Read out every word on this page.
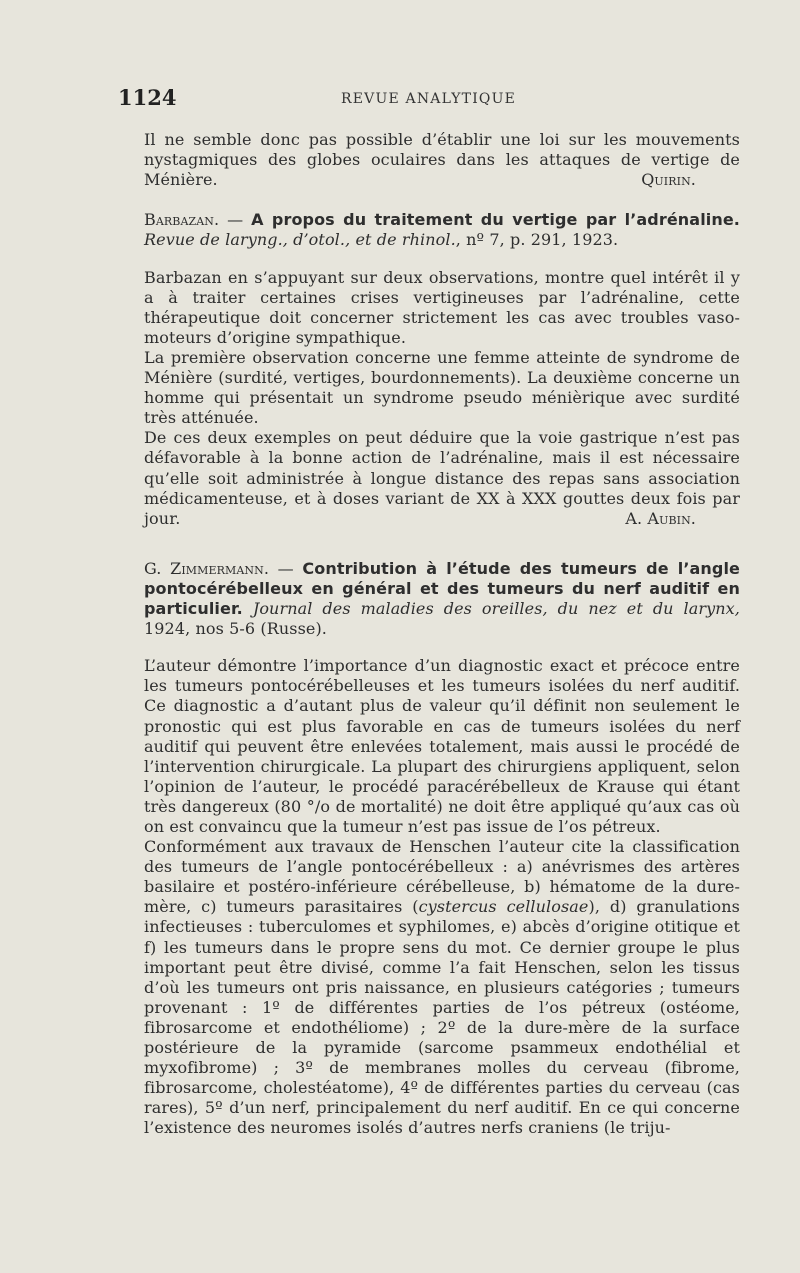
1124	REVUE ANALYTIQUE

Il ne semble donc pas possible d’établir une loi sur les mouvements nystagmiques des globes oculaires dans les attaques de vertige de Ménière.	Quirin.

Barbazan. — A propos du traitement du vertige par l’adrénaline. Revue de laryng., d’otol., et de rhinol., nº 7, p. 291, 1923.

Barbazan en s’appuyant sur deux observations, montre quel intérêt il y a à traiter certaines crises vertigineuses par l’adrénaline, cette thérapeutique doit concerner strictement les cas avec troubles vaso-moteurs d’origine sympathique.

La première observation concerne une femme atteinte de syndrome de Ménière (surdité, vertiges, bourdonnements). La deuxième concerne un homme qui présentait un syndrome pseudo ménièrique avec surdité très atténuée.

De ces deux exemples on peut déduire que la voie gastrique n’est pas défavorable à la bonne action de l’adrénaline, mais il est nécessaire qu’elle soit administrée à longue distance des repas sans association médicamenteuse, et à doses variant de XX à XXX gouttes deux fois par jour.	A. Aubin.

G. Zimmermann. — Contribution à l’étude des tumeurs de l’angle pontocérébelleux en général et des tumeurs du nerf auditif en particulier. Journal des maladies des oreilles, du nez et du larynx, 1924, nos 5-6 (Russe).

L’auteur démontre l’importance d’un diagnostic exact et précoce entre les tumeurs pontocérébelleuses et les tumeurs isolées du nerf auditif. Ce diagnostic a d’autant plus de valeur qu’il définit non seulement le pronostic qui est plus favorable en cas de tumeurs isolées du nerf auditif qui peuvent être enlevées totalement, mais aussi le procédé de l’intervention chirurgicale. La plupart des chirurgiens appliquent, selon l’opinion de l’auteur, le procédé paracérébelleux de Krause qui étant très dangereux (80 °/o de mortalité) ne doit être appliqué qu’aux cas où on est convaincu que la tumeur n’est pas issue de l’os pétreux.

Conformément aux travaux de Henschen l’auteur cite la classification des tumeurs de l’angle pontocérébelleux : a) anévrismes des artères basilaire et postéro-inférieure cérébelleuse, b) hématome de la dure-mère, c) tumeurs parasitaires (cystercus cellulosae), d) granulations infectieuses : tuberculomes et syphilomes, e) abcès d’origine otitique et f) les tumeurs dans le propre sens du mot. Ce dernier groupe le plus important peut être divisé, comme l’a fait Henschen, selon les tissus d’où les tumeurs ont pris naissance, en plusieurs catégories ; tumeurs provenant : 1º de différentes parties de l’os pétreux (ostéome, fibrosarcome et endothéliome) ; 2º de la dure-mère de la surface postérieure de la pyramide (sarcome psammeux endothélial et myxofibrome) ; 3º de membranes molles du cerveau (fibrome, fibrosarcome, cholestéatome), 4º de différentes parties du cerveau (cas rares), 5º d’un nerf, principalement du nerf auditif. En ce qui concerne l’existence des neuromes isolés d’autres nerfs craniens (le triju-
